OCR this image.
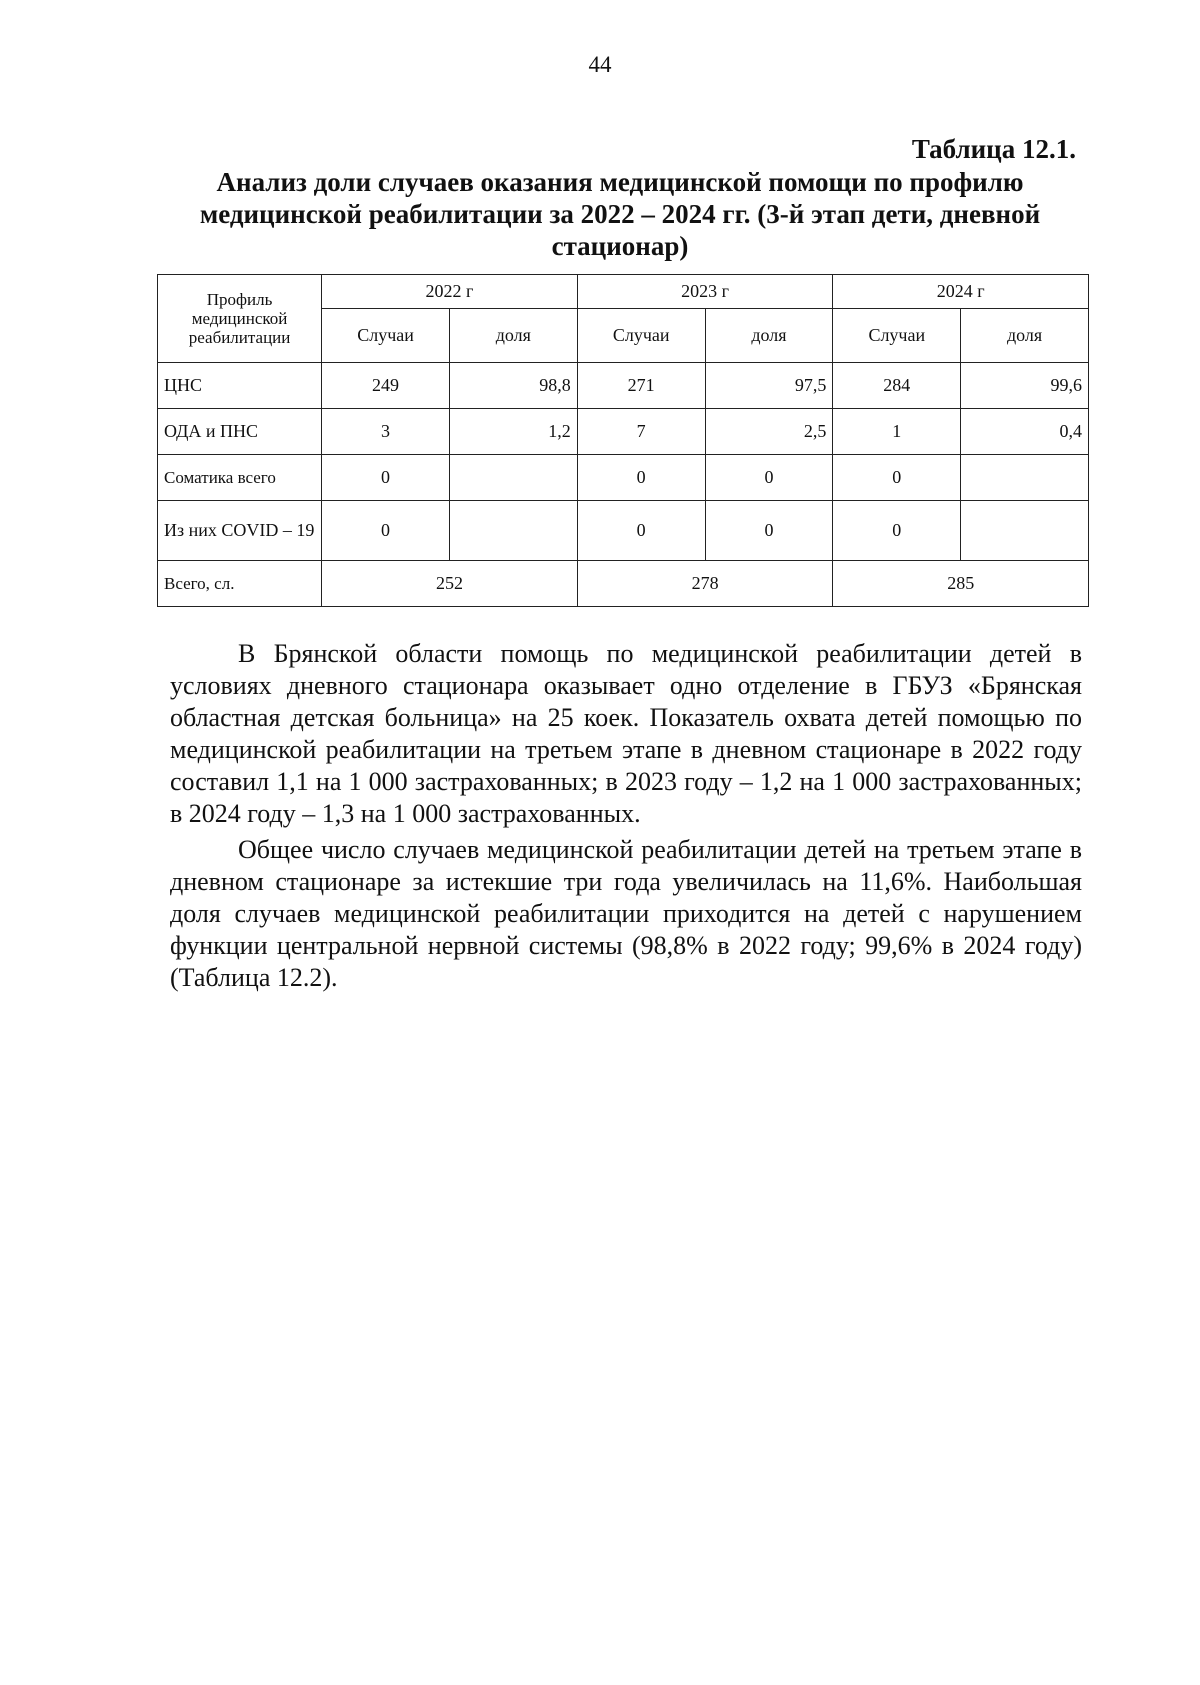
44
Таблица 12.1.
Анализ доли случаев оказания медицинской помощи по профилю медицинской реабилитации за 2022 – 2024 гг. (3-й этап дети, дневной стационар)
Профиль медицинской реабилитации	2022 г		2023 г		2024 г	
	Случаи	доля	Случаи	доля	Случаи	доля
ЦНС	249	98,8	271	97,5	284	99,6
ОДА и ПНС	3	1,2	7	2,5	1	0,4
Соматика всего	0		0	0	0	
Из них COVID – 19	0		0	0	0	
Всего, сл.	252		278		285	

В Брянской области помощь по медицинской реабилитации детей в условиях дневного стационара оказывает одно отделение в ГБУЗ «Брянская областная детская больница» на 25 коек. Показатель охвата детей помощью по медицинской реабилитации на третьем этапе в дневном стационаре в 2022 году составил 1,1 на 1 000 застрахованных; в 2023 году – 1,2 на 1 000 застрахованных; в 2024 году – 1,3 на 1 000 застрахованных.

Общее число случаев медицинской реабилитации детей на третьем этапе в дневном стационаре за истекшие три года увеличилась на 11,6%. Наибольшая доля случаев медицинской реабилитации приходится на детей с нарушением функции центральной нервной системы (98,8% в 2022 году; 99,6% в 2024 году) (Таблица 12.2).
